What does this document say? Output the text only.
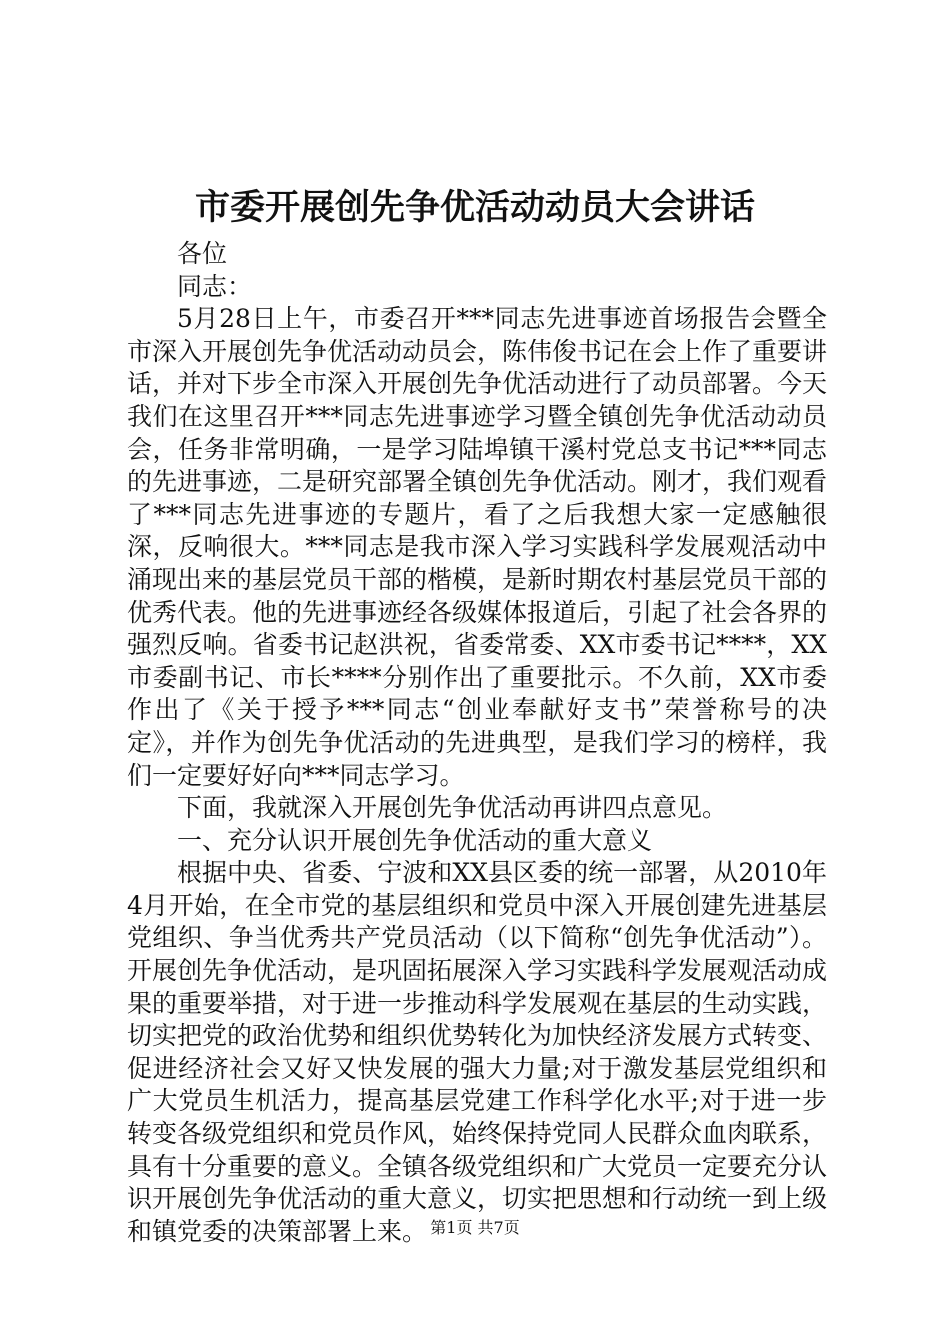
市委开展创先争优活动动员大会讲话

各位

同志：

5月28日上午，市委召开***同志先进事迹首场报告会暨全市深入开展创先争优活动动员会，陈伟俊书记在会上作了重要讲话，并对下步全市深入开展创先争优活动进行了动员部署。今天我们在这里召开***同志先进事迹学习暨全镇创先争优活动动员会，任务非常明确，一是学习陆埠镇干溪村党总支书记***同志的先进事迹，二是研究部署全镇创先争优活动。刚才，我们观看了***同志先进事迹的专题片，看了之后我想大家一定感触很深，反响很大。***同志是我市深入学习实践科学发展观活动中涌现出来的基层党员干部的楷模，是新时期农村基层党员干部的优秀代表。他的先进事迹经各级媒体报道后，引起了社会各界的强烈反响。省委书记赵洪祝，省委常委、XX市委书记****，XX市委副书记、市长****分别作出了重要批示。不久前，XX市委作出了《关于授予***同志“创业奉献好支书”荣誉称号的决定》，并作为创先争优活动的先进典型，是我们学习的榜样，我们一定要好好向***同志学习。

下面，我就深入开展创先争优活动再讲四点意见。

一、充分认识开展创先争优活动的重大意义

根据中央、省委、宁波和XX县区委的统一部署，从2010年4月开始，在全市党的基层组织和党员中深入开展创建先进基层党组织、争当优秀共产党员活动（以下简称“创先争优活动”）。开展创先争优活动，是巩固拓展深入学习实践科学发展观活动成果的重要举措，对于进一步推动科学发展观在基层的生动实践，切实把党的政治优势和组织优势转化为加快经济发展方式转变、促进经济社会又好又快发展的强大力量;对于激发基层党组织和广大党员生机活力，提高基层党建工作科学化水平;对于进一步转变各级党组织和党员作风，始终保持党同人民群众血肉联系，具有十分重要的意义。全镇各级党组织和广大党员一定要充分认识开展创先争优活动的重大意义，切实把思想和行动统一到上级和镇党委的决策部署上来。 第1页 共7页
